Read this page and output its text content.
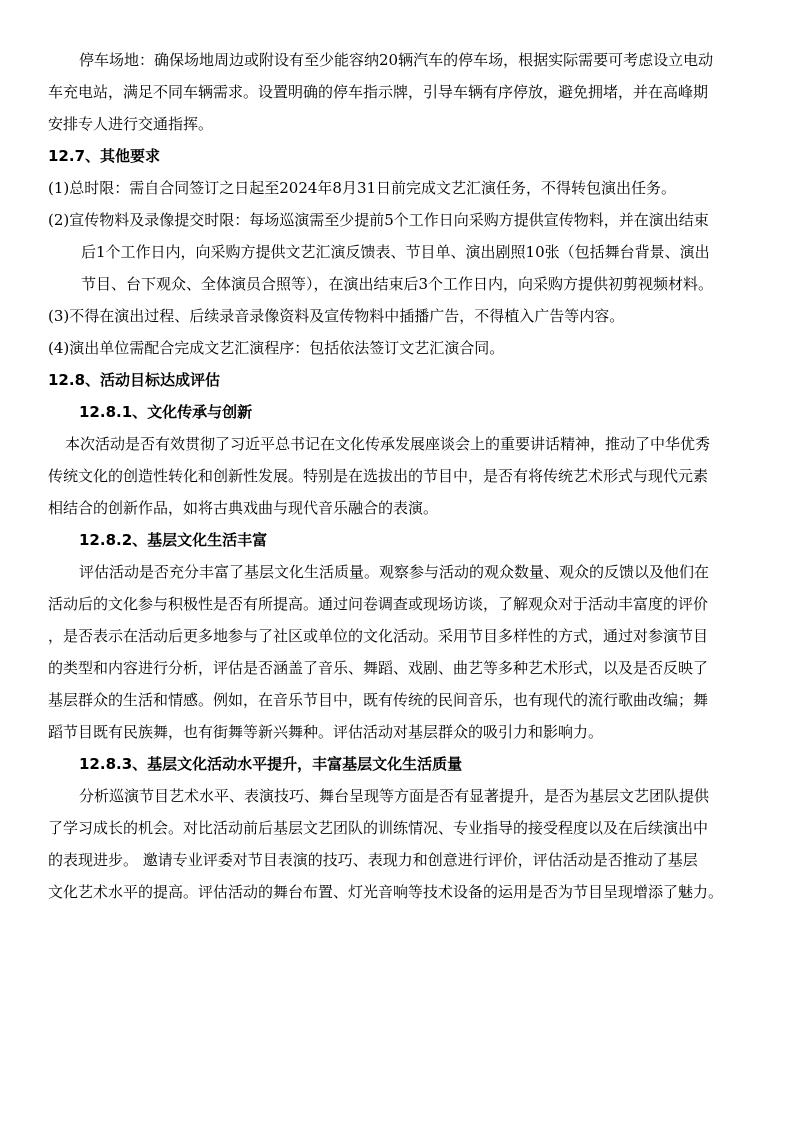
停车场地：确保场地周边或附设有至少能容纳20辆汽车的停车场，根据实际需要可考虑设立电动

车充电站，满足不同车辆需求。设置明确的停车指示牌，引导车辆有序停放，避免拥堵，并在高峰期

安排专人进行交通指挥。

12.7、其他要求

(1)总时限：需自合同签订之日起至2024年8月31日前完成文艺汇演任务，不得转包演出任务。

(2)宣传物料及录像提交时限：每场巡演需至少提前5个工作日向采购方提供宣传物料，并在演出结束

后1个工作日内，向采购方提供文艺汇演反馈表、节目单、演出剧照10张（包括舞台背景、演出

节目、台下观众、全体演员合照等），在演出结束后3个工作日内，向采购方提供初剪视频材料。

(3)不得在演出过程、后续录音录像资料及宣传物料中插播广告，不得植入广告等内容。

(4)演出单位需配合完成文艺汇演程序：包括依法签订文艺汇演合同。

12.8、活动目标达成评估

12.8.1、文化传承与创新

本次活动是否有效贯彻了习近平总书记在文化传承发展座谈会上的重要讲话精神，推动了中华优秀

传统文化的创造性转化和创新性发展。特别是在选拔出的节目中，是否有将传统艺术形式与现代元素

相结合的创新作品，如将古典戏曲与现代音乐融合的表演。

12.8.2、基层文化生活丰富

评估活动是否充分丰富了基层文化生活质量。观察参与活动的观众数量、观众的反馈以及他们在

活动后的文化参与积极性是否有所提高。通过问卷调查或现场访谈，了解观众对于活动丰富度的评价

，是否表示在活动后更多地参与了社区或单位的文化活动。采用节目多样性的方式，通过对参演节目

的类型和内容进行分析，评估是否涵盖了音乐、舞蹈、戏剧、曲艺等多种艺术形式，以及是否反映了

基层群众的生活和情感。例如，在音乐节目中，既有传统的民间音乐，也有现代的流行歌曲改编；舞

蹈节目既有民族舞，也有街舞等新兴舞种。评估活动对基层群众的吸引力和影响力。

12.8.3、基层文化活动水平提升，丰富基层文化生活质量

分析巡演节目艺术水平、表演技巧、舞台呈现等方面是否有显著提升，是否为基层文艺团队提供

了学习成长的机会。对比活动前后基层文艺团队的训练情况、专业指导的接受程度以及在后续演出中

的表现进步。 邀请专业评委对节目表演的技巧、表现力和创意进行评价，评估活动是否推动了基层

文化艺术水平的提高。评估活动的舞台布置、灯光音响等技术设备的运用是否为节目呈现增添了魅力。
